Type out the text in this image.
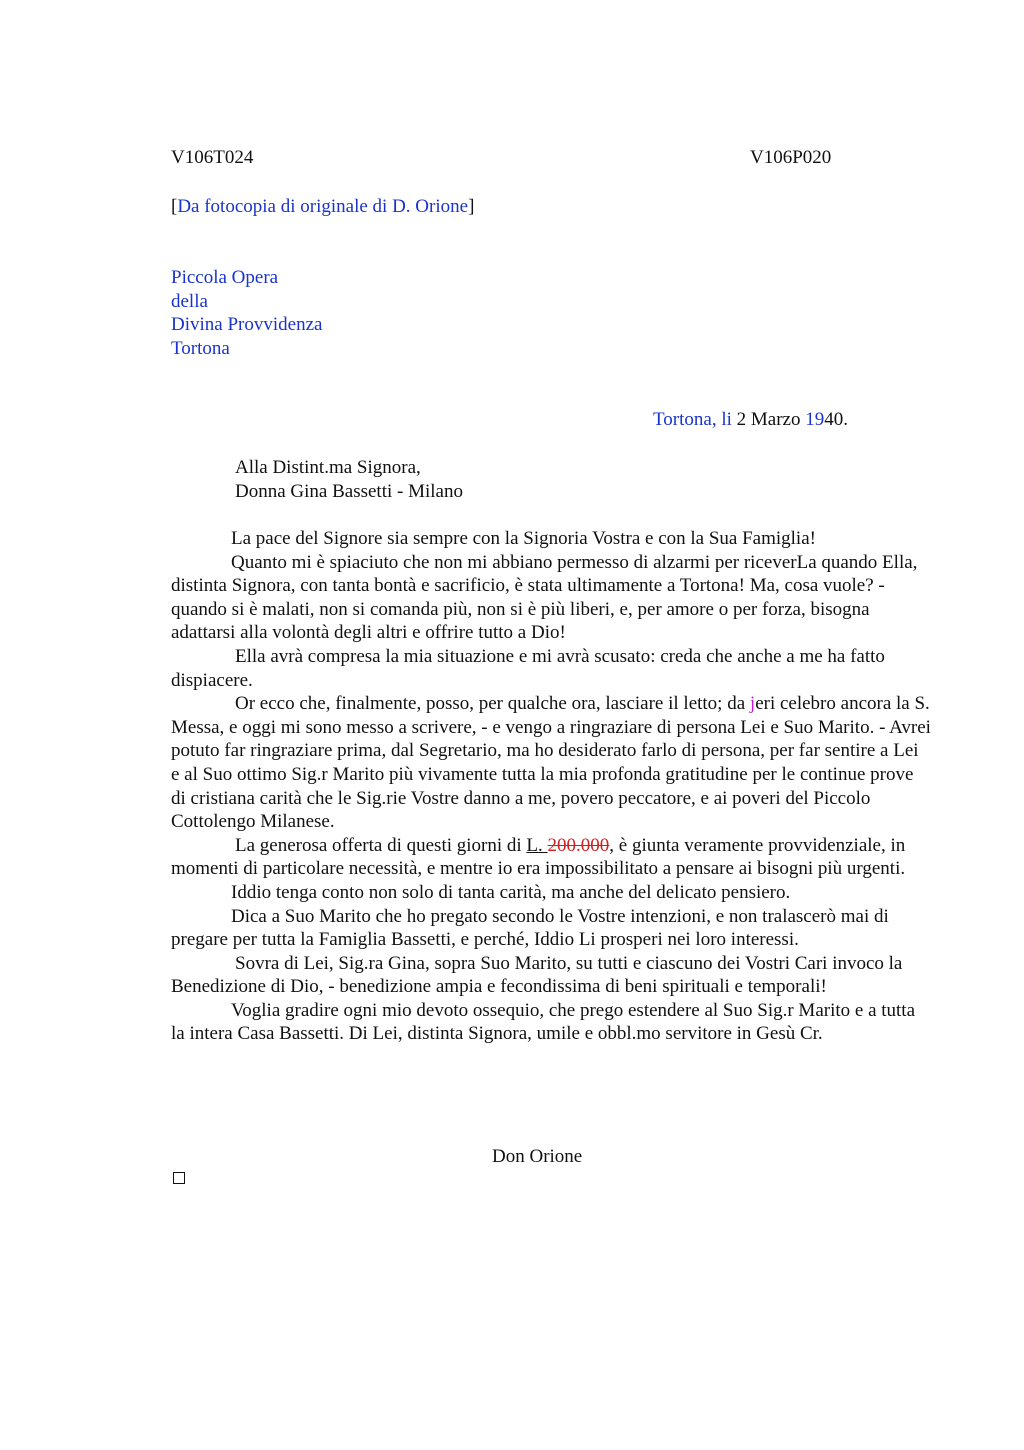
V106T024	V106P020
[Da fotocopia di originale di D. Orione]
Piccola Opera
della
Divina Provvidenza
Tortona
Tortona, li 2 Marzo 1940.
Alla Distint.ma Signora,
Donna Gina Bassetti - Milano

La pace del Signore sia sempre con la Signoria Vostra e con la Sua Famiglia!

Quanto mi è spiaciuto che non mi abbiano permesso di alzarmi per riceverLa quando Ella, distinta Signora, con tanta bontà e sacrificio, è stata ultimamente a Tortona! Ma, cosa vuole? - quando si è malati, non si comanda più, non si è più liberi, e, per amore o per forza, bisogna adattarsi alla volontà degli altri e offrire tutto a Dio!

Ella avrà compresa la mia situazione e mi avrà scusato: creda che anche a me ha fatto dispiacere.

Or ecco che, finalmente, posso, per qualche ora, lasciare il letto; da jeri celebro ancora la S. Messa, e oggi mi sono messo a scrivere, - e vengo a ringraziare di persona Lei e Suo Marito. - Avrei potuto far ringraziare prima, dal Segretario, ma ho desiderato farlo di persona, per far sentire a Lei e al Suo ottimo Sig.r Marito più vivamente tutta la mia profonda gratitudine per le continue prove di cristiana carità che le Sig.rie Vostre danno a me, povero peccatore, e ai poveri del Piccolo Cottolengo Milanese.

La generosa offerta di questi giorni di L. 200.000, è giunta veramente provvidenziale, in momenti di particolare necessità, e mentre io era impossibilitato a pensare ai bisogni più urgenti.

Iddio tenga conto non solo di tanta carità, ma anche del delicato pensiero.

Dica a Suo Marito che ho pregato secondo le Vostre intenzioni, e non tralascerò mai di pregare per tutta la Famiglia Bassetti, e perché, Iddio Li prosperi nei loro interessi.

Sovra di Lei, Sig.ra Gina, sopra Suo Marito, su tutti e ciascuno dei Vostri Cari invoco la Benedizione di Dio, - benedizione ampia e fecondissima di beni spirituali e temporali!

Voglia gradire ogni mio devoto ossequio, che prego estendere al Suo Sig.r Marito e a tutta la intera Casa Bassetti. Di Lei, distinta Signora, umile e obbl.mo servitore in Gesù Cr.

Don Orione
